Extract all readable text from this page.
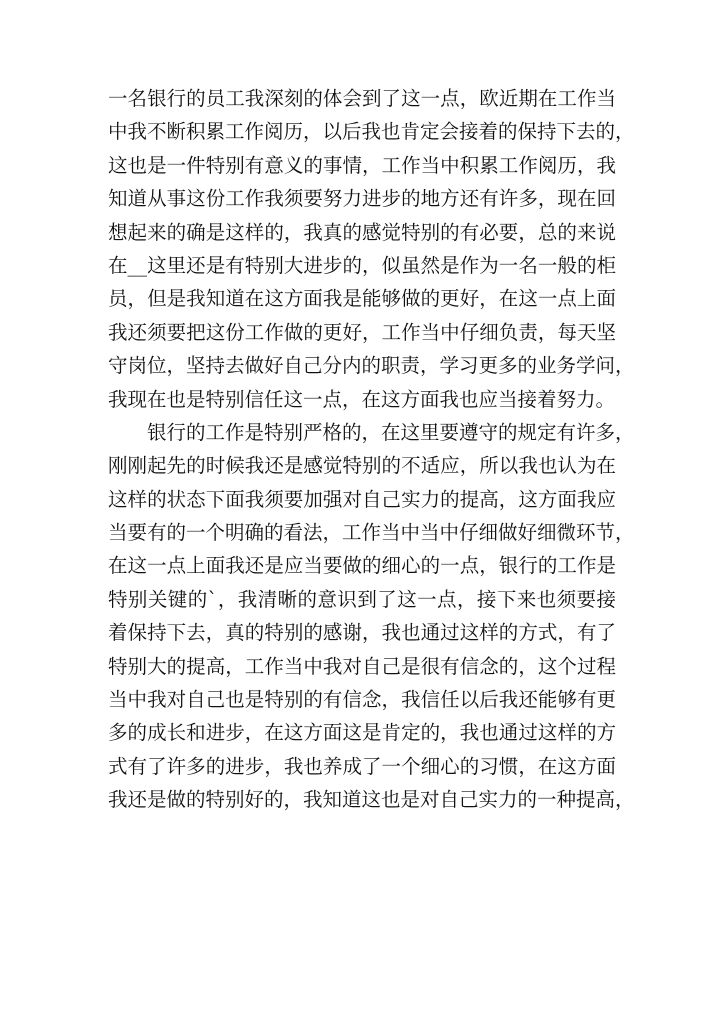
一名银行的员工我深刻的体会到了这一点，欧近期在工作当
中我不断积累工作阅历，以后我也肯定会接着的保持下去的，
这也是一件特别有意义的事情，工作当中积累工作阅历，我
知道从事这份工作我须要努力进步的地方还有许多，现在回
想起来的确是这样的，我真的感觉特别的有必要，总的来说
在__这里还是有特别大进步的，似虽然是作为一名一般的柜
员，但是我知道在这方面我是能够做的更好，在这一点上面
我还须要把这份工作做的更好，工作当中仔细负责，每天坚
守岗位，坚持去做好自己分内的职责，学习更多的业务学问，
我现在也是特别信任这一点，在这方面我也应当接着努力。
银行的工作是特别严格的，在这里要遵守的规定有许多，
刚刚起先的时候我还是感觉特别的不适应，所以我也认为在
这样的状态下面我须要加强对自己实力的提高，这方面我应
当要有的一个明确的看法，工作当中当中仔细做好细微环节，
在这一点上面我还是应当要做的细心的一点，银行的工作是
特别关键的`，我清晰的意识到了这一点，接下来也须要接
着保持下去，真的特别的感谢，我也通过这样的方式，有了
特别大的提高，工作当中我对自己是很有信念的，这个过程
当中我对自己也是特别的有信念，我信任以后我还能够有更
多的成长和进步，在这方面这是肯定的，我也通过这样的方
式有了许多的进步，我也养成了一个细心的习惯，在这方面
我还是做的特别好的，我知道这也是对自己实力的一种提高，
